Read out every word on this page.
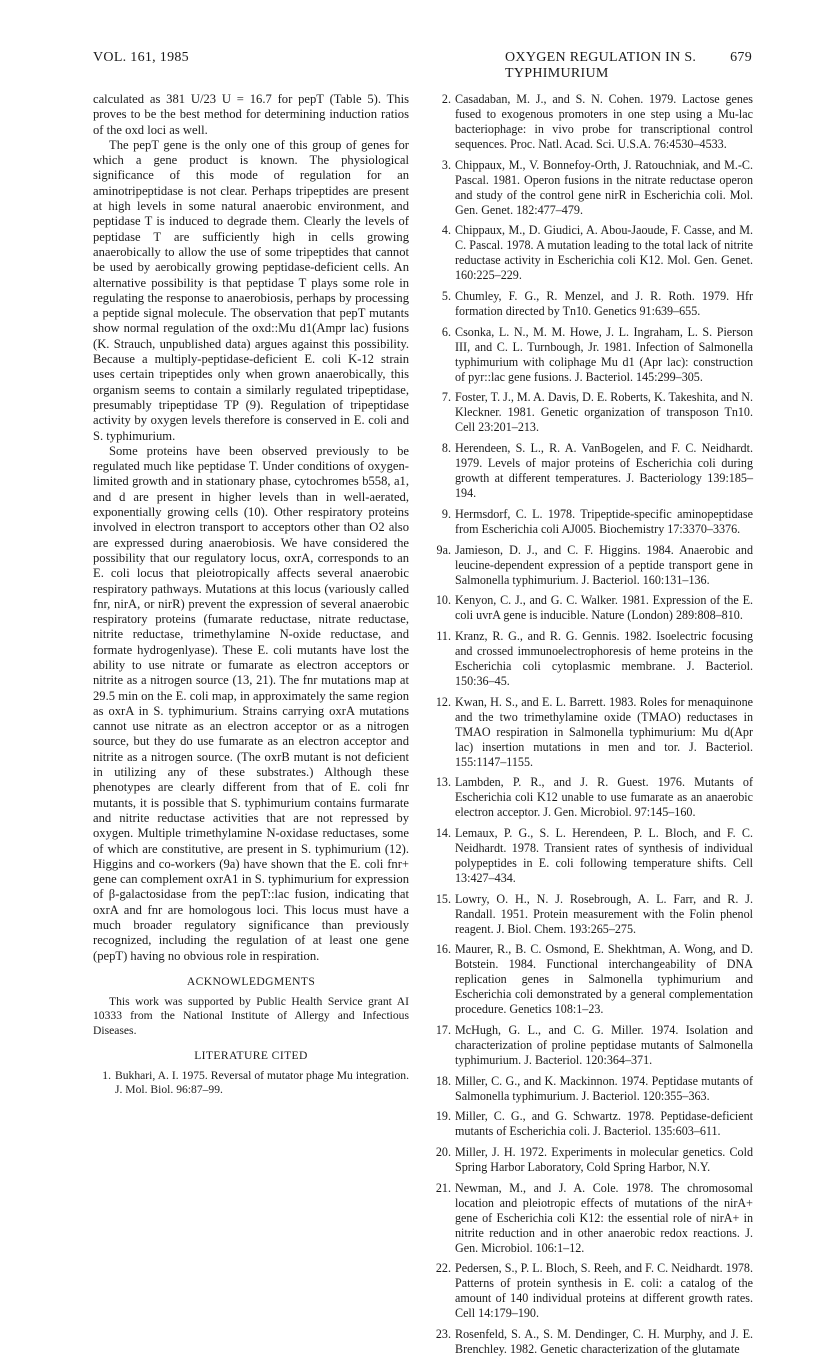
VOL. 161, 1985	OXYGEN REGULATION IN S. TYPHIMURIUM
679

calculated as 381 U/23 U = 16.7 for pepT (Table 5). This proves to be the best method for determining induction ratios of the oxd loci as well.

The pepT gene is the only one of this group of genes for which a gene product is known. The physiological significance of this mode of regulation for an aminotripeptidase is not clear. Perhaps tripeptides are present at high levels in some natural anaerobic environment, and peptidase T is induced to degrade them. Clearly the levels of peptidase T are sufficiently high in cells growing anaerobically to allow the use of some tripeptides that cannot be used by aerobically growing peptidase-deficient cells. An alternative possibility is that peptidase T plays some role in regulating the response to anaerobiosis, perhaps by processing a peptide signal molecule. The observation that pepT mutants show normal regulation of the oxd::Mu d1(Ampr lac) fusions (K. Strauch, unpublished data) argues against this possibility. Because a multiply-peptidase-deficient E. coli K-12 strain uses certain tripeptides only when grown anaerobically, this organism seems to contain a similarly regulated tripeptidase, presumably tripeptidase TP (9). Regulation of tripeptidase activity by oxygen levels therefore is conserved in E. coli and S. typhimurium.

Some proteins have been observed previously to be regulated much like peptidase T. Under conditions of oxygen-limited growth and in stationary phase, cytochromes b558, a1, and d are present in higher levels than in well-aerated, exponentially growing cells (10). Other respiratory proteins involved in electron transport to acceptors other than O2 also are expressed during anaerobiosis. We have considered the possibility that our regulatory locus, oxrA, corresponds to an E. coli locus that pleiotropically affects several anaerobic respiratory pathways. Mutations at this locus (variously called fnr, nirA, or nirR) prevent the expression of several anaerobic respiratory proteins (fumarate reductase, nitrate reductase, nitrite reductase, trimethylamine N-oxide reductase, and formate hydrogenlyase). These E. coli mutants have lost the ability to use nitrate or fumarate as electron acceptors or nitrite as a nitrogen source (13, 21). The fnr mutations map at 29.5 min on the E. coli map, in approximately the same region as oxrA in S. typhimurium. Strains carrying oxrA mutations cannot use nitrate as an electron acceptor or as a nitrogen source, but they do use fumarate as an electron acceptor and nitrite as a nitrogen source. (The oxrB mutant is not deficient in utilizing any of these substrates.) Although these phenotypes are clearly different from that of E. coli fnr mutants, it is possible that S. typhimurium contains furmarate and nitrite reductase activities that are not repressed by oxygen. Multiple trimethylamine N-oxidase reductases, some of which are constitutive, are present in S. typhimurium (12). Higgins and co-workers (9a) have shown that the E. coli fnr+ gene can complement oxrA1 in S. typhimurium for expression of β-galactosidase from the pepT::lac fusion, indicating that oxrA and fnr are homologous loci. This locus must have a much broader regulatory significance than previously recognized, including the regulation of at least one gene (pepT) having no obvious role in respiration.

ACKNOWLEDGMENTS

This work was supported by Public Health Service grant AI 10333 from the National Institute of Allergy and Infectious Diseases.

LITERATURE CITED
1. Bukhari, A. I. 1975. Reversal of mutator phage Mu integration. J. Mol. Biol. 96:87–99.
2. Casadaban, M. J., and S. N. Cohen. 1979. Lactose genes fused to exogenous promoters in one step using a Mu-lac bacteriophage: in vivo probe for transcriptional control sequences. Proc. Natl. Acad. Sci. U.S.A. 76:4530–4533.
3. Chippaux, M., V. Bonnefoy-Orth, J. Ratouchniak, and M.-C. Pascal. 1981. Operon fusions in the nitrate reductase operon and study of the control gene nirR in Escherichia coli. Mol. Gen. Genet. 182:477–479.
4. Chippaux, M., D. Giudici, A. Abou-Jaoude, F. Casse, and M. C. Pascal. 1978. A mutation leading to the total lack of nitrite reductase activity in Escherichia coli K12. Mol. Gen. Genet. 160:225–229.
5. Chumley, F. G., R. Menzel, and J. R. Roth. 1979. Hfr formation directed by Tn10. Genetics 91:639–655.
6. Csonka, L. N., M. M. Howe, J. L. Ingraham, L. S. Pierson III, and C. L. Turnbough, Jr. 1981. Infection of Salmonella typhimurium with coliphage Mu d1 (Apr lac): construction of pyr::lac gene fusions. J. Bacteriol. 145:299–305.
7. Foster, T. J., M. A. Davis, D. E. Roberts, K. Takeshita, and N. Kleckner. 1981. Genetic organization of transposon Tn10. Cell 23:201–213.
8. Herendeen, S. L., R. A. VanBogelen, and F. C. Neidhardt. 1979. Levels of major proteins of Escherichia coli during growth at different temperatures. J. Bacteriology 139:185–194.
9. Hermsdorf, C. L. 1978. Tripeptide-specific aminopeptidase from Escherichia coli AJ005. Biochemistry 17:3370–3376.
9a. Jamieson, D. J., and C. F. Higgins. 1984. Anaerobic and leucine-dependent expression of a peptide transport gene in Salmonella typhimurium. J. Bacteriol. 160:131–136.
10. Kenyon, C. J., and G. C. Walker. 1981. Expression of the E. coli uvrA gene is inducible. Nature (London) 289:808–810.
11. Kranz, R. G., and R. G. Gennis. 1982. Isoelectric focusing and crossed immunoelectrophoresis of heme proteins in the Escherichia coli cytoplasmic membrane. J. Bacteriol. 150:36–45.
12. Kwan, H. S., and E. L. Barrett. 1983. Roles for menaquinone and the two trimethylamine oxide (TMAO) reductases in TMAO respiration in Salmonella typhimurium: Mu d(Apr lac) insertion mutations in men and tor. J. Bacteriol. 155:1147–1155.
13. Lambden, P. R., and J. R. Guest. 1976. Mutants of Escherichia coli K12 unable to use fumarate as an anaerobic electron acceptor. J. Gen. Microbiol. 97:145–160.
14. Lemaux, P. G., S. L. Herendeen, P. L. Bloch, and F. C. Neidhardt. 1978. Transient rates of synthesis of individual polypeptides in E. coli following temperature shifts. Cell 13:427–434.
15. Lowry, O. H., N. J. Rosebrough, A. L. Farr, and R. J. Randall. 1951. Protein measurement with the Folin phenol reagent. J. Biol. Chem. 193:265–275.
16. Maurer, R., B. C. Osmond, E. Shekhtman, A. Wong, and D. Botstein. 1984. Functional interchangeability of DNA replication genes in Salmonella typhimurium and Escherichia coli demonstrated by a general complementation procedure. Genetics 108:1–23.
17. McHugh, G. L., and C. G. Miller. 1974. Isolation and characterization of proline peptidase mutants of Salmonella typhimurium. J. Bacteriol. 120:364–371.
18. Miller, C. G., and K. Mackinnon. 1974. Peptidase mutants of Salmonella typhimurium. J. Bacteriol. 120:355–363.
19. Miller, C. G., and G. Schwartz. 1978. Peptidase-deficient mutants of Escherichia coli. J. Bacteriol. 135:603–611.
20. Miller, J. H. 1972. Experiments in molecular genetics. Cold Spring Harbor Laboratory, Cold Spring Harbor, N.Y.
21. Newman, M., and J. A. Cole. 1978. The chromosomal location and pleiotropic effects of mutations of the nirA+ gene of Escherichia coli K12: the essential role of nirA+ in nitrite reduction and in other anaerobic redox reactions. J. Gen. Microbiol. 106:1–12.
22. Pedersen, S., P. L. Bloch, S. Reeh, and F. C. Neidhardt. 1978. Patterns of protein synthesis in E. coli: a catalog of the amount of 140 individual proteins at different growth rates. Cell 14:179–190.
23. Rosenfeld, S. A., S. M. Dendinger, C. H. Murphy, and J. E. Brenchley. 1982. Genetic characterization of the glutamate
